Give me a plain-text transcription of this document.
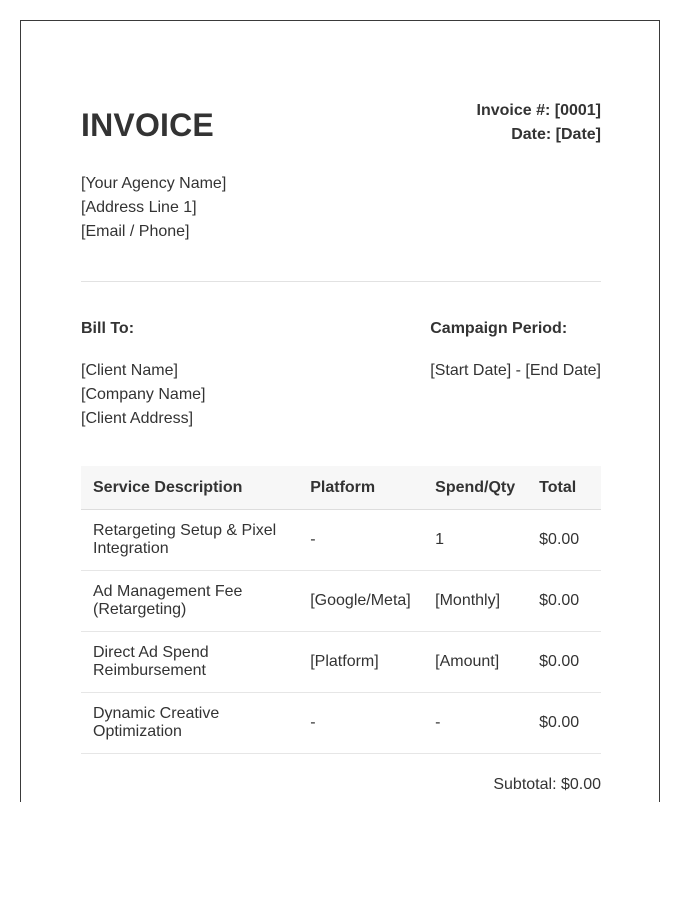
INVOICE	Invoice #: [0001]
Date: [Date]
[Your Agency Name]
[Address Line 1]
[Email / Phone]
Bill To:
[Client Name]
[Company Name]
[Client Address]
Campaign Period:
[Start Date] - [End Date]
Service Description	Platform	Spend/Qty	Total
Retargeting Setup & Pixel Integration	-	1	$0.00
Ad Management Fee (Retargeting)	[Google/Meta]	[Monthly]	$0.00
Direct Ad Spend Reimbursement	[Platform]	[Amount]	$0.00
Dynamic Creative Optimization	-	-	$0.00
Subtotal: $0.00
